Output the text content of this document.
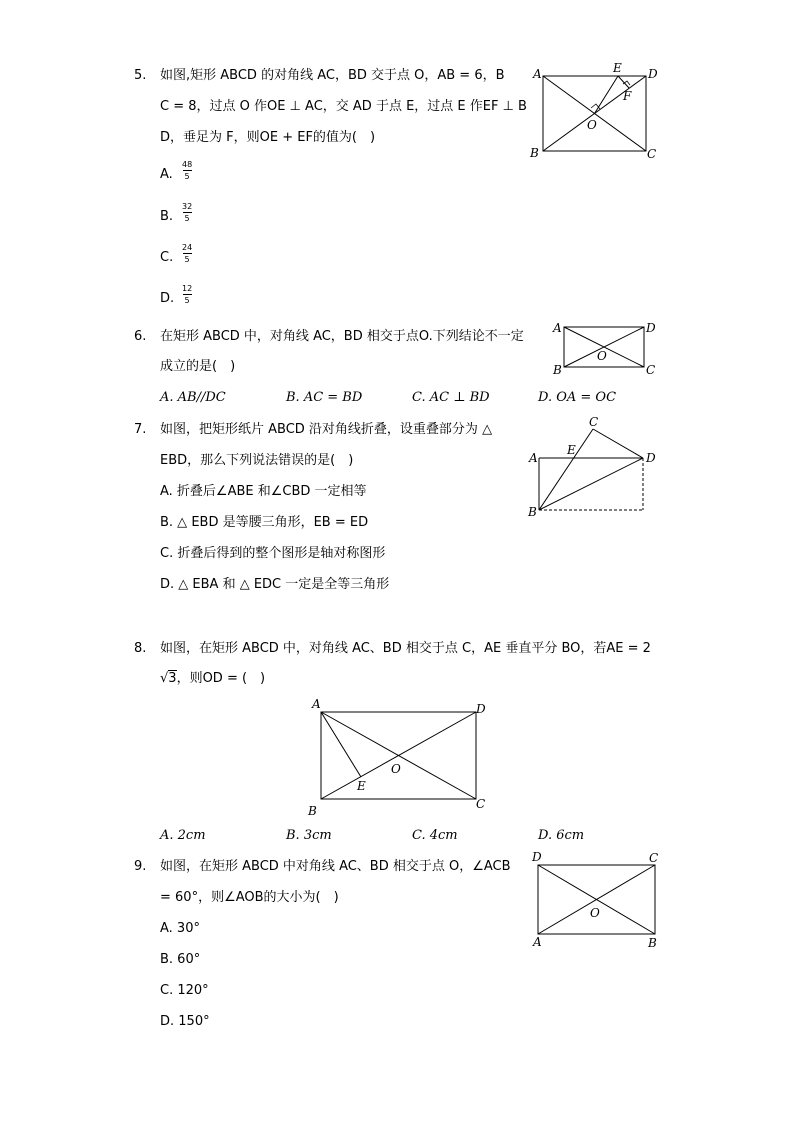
5. 如图,矩形 ABCD 的对角线 AC，BD 交于点 O，AB = 6，B
C = 8，过点 O 作OE ⊥ AC，交 AD 于点 E，过点 E 作EF ⊥ B
D，垂足为 F，则OE + EF的值为(　)
A.
48
5
B.
32
5
C.
24
5
D.
12
5
A
B	C
D
E
F
O
6. 在矩形 ABCD 中，对角线 AC，BD 相交于点O.下列结论不一定
成立的是(　)
A. AB//DC	B. AC = BD	C. AC ⊥ BD	D. OA = OC
A
B	C
D
O
7. 如图，把矩形纸片 ABCD 沿对角线折叠，设重叠部分为 △
EBD，那么下列说法错误的是(　)
A. 折叠后∠ABE 和∠CBD 一定相等
B. △ EBD 是等腰三角形，EB = ED
C. 折叠后得到的整个图形是轴对称图形
D. △ EBA 和 △ EDC 一定是全等三角形
A
B
C
D
E
8. 如图，在矩形 ABCD 中，对角线 AC、BD 相交于点 C，AE 垂直平分 BO，若AE = 2
√3，则OD = (　)
A
B	C
D
E
O
A. 2cm	B. 3cm	C. 4cm	D. 6cm
9. 如图，在矩形 ABCD 中对角线 AC、BD 相交于点 O，∠ACB
= 60°，则∠AOB的大小为(　)
A. 30°
B. 60°
C. 120°
D. 150°
A	B
C
D
O
